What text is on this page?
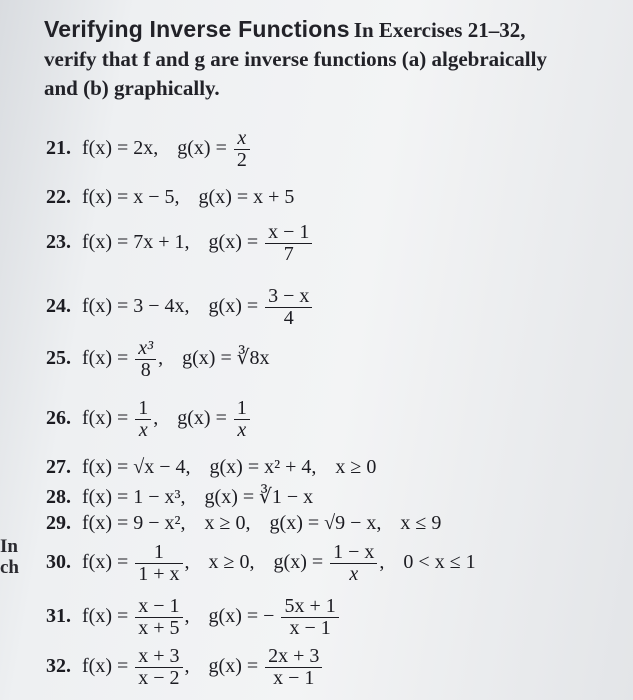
In
ch
Verifying Inverse Functions In Exercises 21–32,
verify that f and g are inverse functions (a) algebraically
and (b) graphically.
21. f(x) = 2x, $g(x) = \frac{x}{2}$
22. f(x) = x − 5, g(x) = x + 5
23. f(x) = 7x + 1, $g(x) = \frac{x - 1}{7}$
24. f(x) = 3 − 4x, $g(x) = \frac{3 - x}{4}$
25. $f(x) = \frac{\text{x³}}{8}$ , g(x) = ∛8x
26. $f(x) = \frac{1}{x}$ , $g(x) = \frac{1}{x}$
27. f(x) = √x − 4, g(x) = x² + 4, x ≥ 0
28. f(x) = 1 − x³, g(x) = ∛1 − x
29. f(x) = 9 − x², x ≥ 0, g(x) = √9 − x, x ≤ 9
30. $f(x) = \frac{1}{1 + x}$ , x ≥ 0, $g(x) = \frac{1 - x}{x}$ , 0 < x ≤ 1
31. $f(x) = \frac{x - 1}{x + 5}$ , g(x) = − $\frac{5x + 1}{x - 1}$
32. $f(x) = \frac{x + 3}{x - 2}$ , $g(x) = \frac{2x + 3}{x - 1}$
